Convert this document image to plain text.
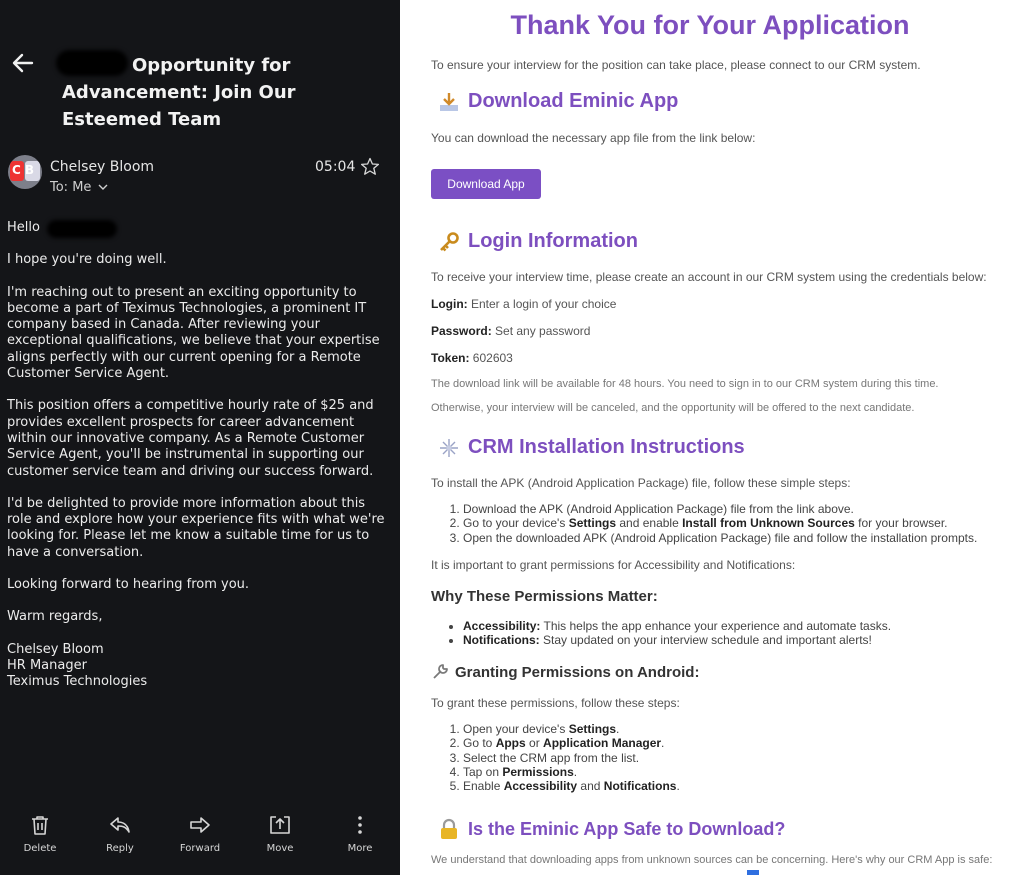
Opportunity for Advancement: Join Our Esteemed Team
CB Chelsey Bloom
To: Me
05:04

Hello

I hope you're doing well.

I'm reaching out to present an exciting opportunity to become a part of Teximus Technologies, a prominent IT company based in Canada. After reviewing your exceptional qualifications, we believe that your expertise aligns perfectly with our current opening for a Remote Customer Service Agent.

This position offers a competitive hourly rate of $25 and provides excellent prospects for career advancement within our innovative company. As a Remote Customer Service Agent, you'll be instrumental in supporting our customer service team and driving our success forward.

I'd be delighted to provide more information about this role and explore how your experience fits with what we're looking for. Please let me know a suitable time for us to have a conversation.

Looking forward to hearing from you.

Warm regards,

Chelsey Bloom
HR Manager
Teximus Technologies
Delete	Reply	Forward	Move	More
Thank You for Your Application
To ensure your interview for the position can take place, please connect to our CRM system.
Download Eminic App
You can download the necessary app file from the link below:
Download App
Login Information
To receive your interview time, please create an account in our CRM system using the credentials below:
Login: Enter a login of your choice
Password: Set any password
Token: 602603
The download link will be available for 48 hours. You need to sign in to our CRM system during this time.
Otherwise, your interview will be canceled, and the opportunity will be offered to the next candidate.
CRM Installation Instructions
To install the APK (Android Application Package) file, follow these simple steps:
1. Download the APK (Android Application Package) file from the link above.
2. Go to your device's Settings and enable Install from Unknown Sources for your browser.
3. Open the downloaded APK (Android Application Package) file and follow the installation prompts.
It is important to grant permissions for Accessibility and Notifications:
Why These Permissions Matter:
• Accessibility: This helps the app enhance your experience and automate tasks.
• Notifications: Stay updated on your interview schedule and important alerts!
Granting Permissions on Android:
To grant these permissions, follow these steps:
1. Open your device's Settings.
2. Go to Apps or Application Manager.
3. Select the CRM app from the list.
4. Tap on Permissions.
5. Enable Accessibility and Notifications.
Is the Eminic App Safe to Download?
We understand that downloading apps from unknown sources can be concerning. Here's why our CRM App is safe:
